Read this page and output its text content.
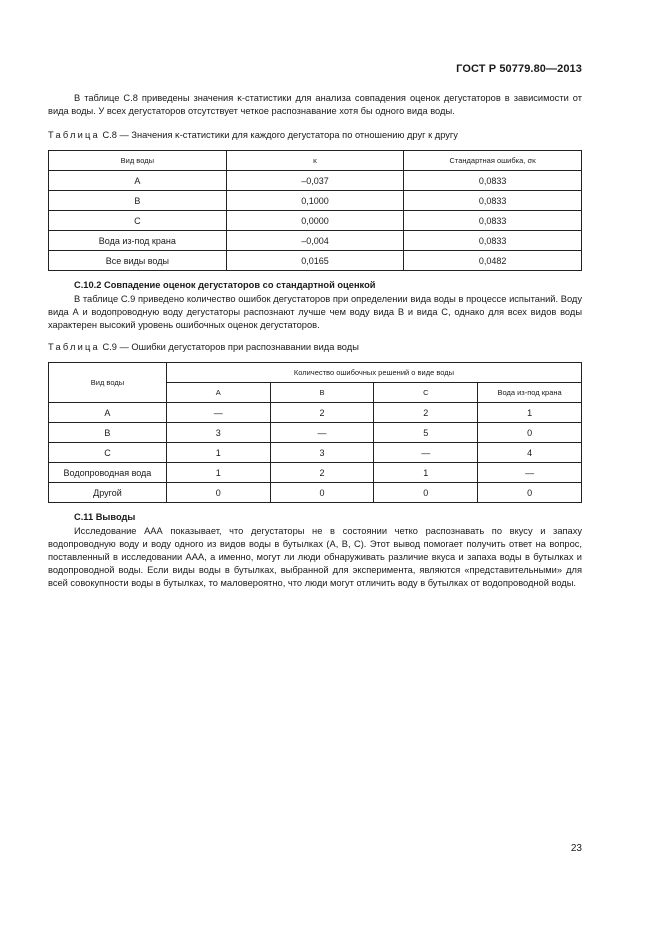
ГОСТ Р 50779.80—2013

В таблице С.8 приведены значения κ-статистики для анализа совпадения оценок дегустаторов в зависимости от вида воды. У всех дегустаторов отсутствует четкое распознавание хотя бы одного вида воды.

Таблица С.8 — Значения κ-статистики для каждого дегустатора по отношению друг к другу
Вид воды	κ	Стандартная ошибка, σκ
A	–0,037	0,0833
B	0,1000	0,0833
C	0,0000	0,0833
Вода из-под крана	–0,004	0,0833
Все виды воды	0,0165	0,0482
С.10.2 Совпадение оценок дегустаторов со стандартной оценкой

В таблице С.9 приведено количество ошибок дегустаторов при определении вида воды в процессе испытаний. Воду вида А и водопроводную воду дегустаторы распознают лучше чем воду вида В и вида С, однако для всех видов воды характерен высокий уровень ошибочных оценок дегустаторов.

Таблица С.9 — Ошибки дегустаторов при распознавании вида воды
Вид воды	Количество ошибочных решений о виде воды			
	A	B	C	Вода из-под крана
A	—	2	2	1
B	3	—	5	0
C	1	3	—	4
Водопроводная вода	1	2	1	—
Другой	0	0	0	0
С.11 Выводы

Исследование ААА показывает, что дегустаторы не в состоянии четко распознавать по вкусу и запаху водопроводную воду и воду одного из видов воды в бутылках (А, В, С). Этот вывод помогает получить ответ на вопрос, поставленный в исследовании ААА, а именно, могут ли люди обнаруживать различие вкуса и запаха воды в бутылках и водопроводной воды. Если виды воды в бутылках, выбранной для эксперимента, являются «представительными» для всей совокупности воды в бутылках, то маловероятно, что люди могут отличить воду в бутылках от водопроводной воды.

23
